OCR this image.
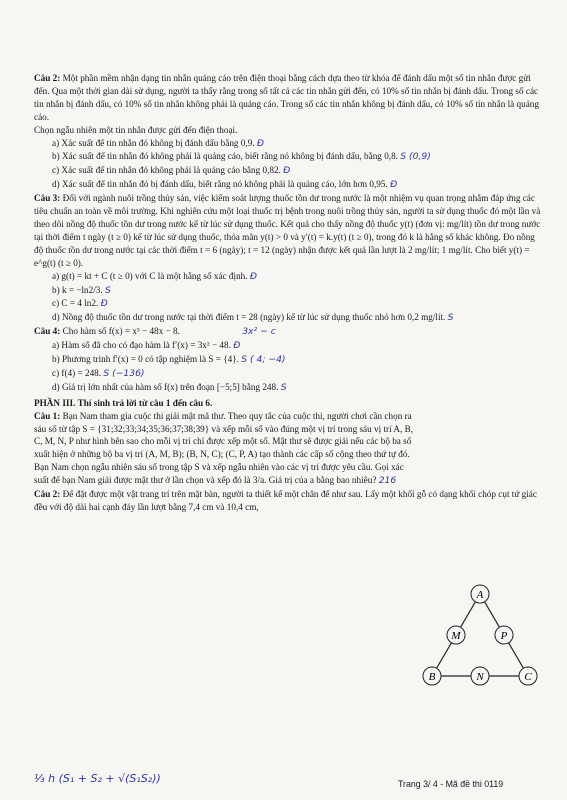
Câu 2: Một phần mềm nhận dạng tin nhắn quảng cáo trên điện thoại bằng cách dựa theo từ khóa để đánh dấu một số tin nhắn được gửi đến. Qua một thời gian dài sử dụng, người ta thấy rằng trong số tất cả các tin nhắn gửi đến, có 10% số tin nhắn bị đánh dấu. Trong số các tin nhắn bị đánh dấu, có 10% số tin nhắn không phải là quảng cáo. Trong số các tin nhắn không bị đánh dấu, có 10% số tin nhắn là quảng cáo.

Chọn ngẫu nhiên một tin nhắn được gửi đến điện thoại.

a) Xác suất để tin nhắn đó không bị đánh dấu bằng 0,9. Đ

b) Xác suất để tin nhắn đó không phải là quảng cáo, biết rằng nó không bị đánh dấu, bằng 0,8. S (0,9)

c) Xác suất để tin nhắn đó không phải là quảng cáo bằng 0,82. Đ

d) Xác suất để tin nhắn đó bị đánh dấu, biết rằng nó không phải là quảng cáo, lớn hơn 0,95. Đ

Câu 3: Đối với ngành nuôi trồng thủy sản, việc kiểm soát lượng thuốc tồn dư trong nước là một nhiệm vụ quan trọng nhằm đáp ứng các tiêu chuẩn an toàn về môi trường. Khi nghiên cứu một loại thuốc trị bệnh trong nuôi trồng thủy sản, người ta sử dụng thuốc đó một lần và theo dõi nồng độ thuốc tồn dư trong nước kể từ lúc sử dụng thuốc. Kết quả cho thấy nồng độ thuốc y(t) (đơn vị: mg/lít) tồn dư trong nước tại thời điểm t ngày (t ≥ 0) kể từ lúc sử dụng thuốc, thỏa mãn y(t) > 0 và y′(t) = k.y(t) (t ≥ 0), trong đó k là hằng số khác không. Đo nồng độ thuốc tồn dư trong nước tại các thời điểm t = 6 (ngày); t = 12 (ngày) nhận được kết quả lần lượt là 2 mg/lít; 1 mg/lít. Cho biết y(t) = e^g(t) (t ≥ 0).

a) g(t) = kt + C (t ≥ 0) với C là một hằng số xác định. Đ

b) k = −ln2/3. S

c) C = 4 ln2. Đ

d) Nồng độ thuốc tồn dư trong nước tại thời điểm t = 28 (ngày) kể từ lúc sử dụng thuốc nhỏ hơn 0,2 mg/lít. S

Câu 4: Cho hàm số f(x) = x³ − 48x − 8.	3x² − c

a) Hàm số đã cho có đạo hàm là f′(x) = 3x² − 48. Đ

b) Phương trình f′(x) = 0 có tập nghiệm là S = {4}. S ( 4; −4)

c) f(4) = 248. S (−136)

d) Giá trị lớn nhất của hàm số f(x) trên đoạn [−5;5] bằng 248. S

PHẦN III. Thí sinh trả lời từ câu 1 đến câu 6.

Câu 1: Bạn Nam tham gia cuộc thi giải mật mã thư. Theo quy tắc của cuộc thi, người chơi cần chọn ra sáu số từ tập S = {31;32;33;34;35;36;37;38;39} và xếp mỗi số vào đúng một vị trí trong sáu vị trí A, B, C, M, N, P như hình bên sao cho mỗi vị trí chỉ được xếp một số. Mật thư sẽ được giải nếu các bộ ba số xuất hiện ở những bộ ba vị trí (A, M, B); (B, N, C); (C, P, A) tạo thành các cấp số cộng theo thứ tự đó. Bạn Nam chọn ngẫu nhiên sáu số trong tập S và xếp ngẫu nhiên vào các vị trí được yêu cầu. Gọi xác suất để bạn Nam giải được mật thư ở lần chọn và xếp đó là 3/a. Giá trị của a bằng bao nhiêu? 216

Câu 2: Để đặt được một vật trang trí trên mặt bàn, người ta thiết kế một chân đế như sau. Lấy một khối gỗ có dạng khối chóp cụt tứ giác đều với độ dài hai cạnh đáy lần lượt bằng 7,4 cm và 10,4 cm,

A
M	P
B	N	C
⅓ h (S₁ + S₂ + √(S₁S₂))	Trang 3/ 4 - Mã đề thi 0119
